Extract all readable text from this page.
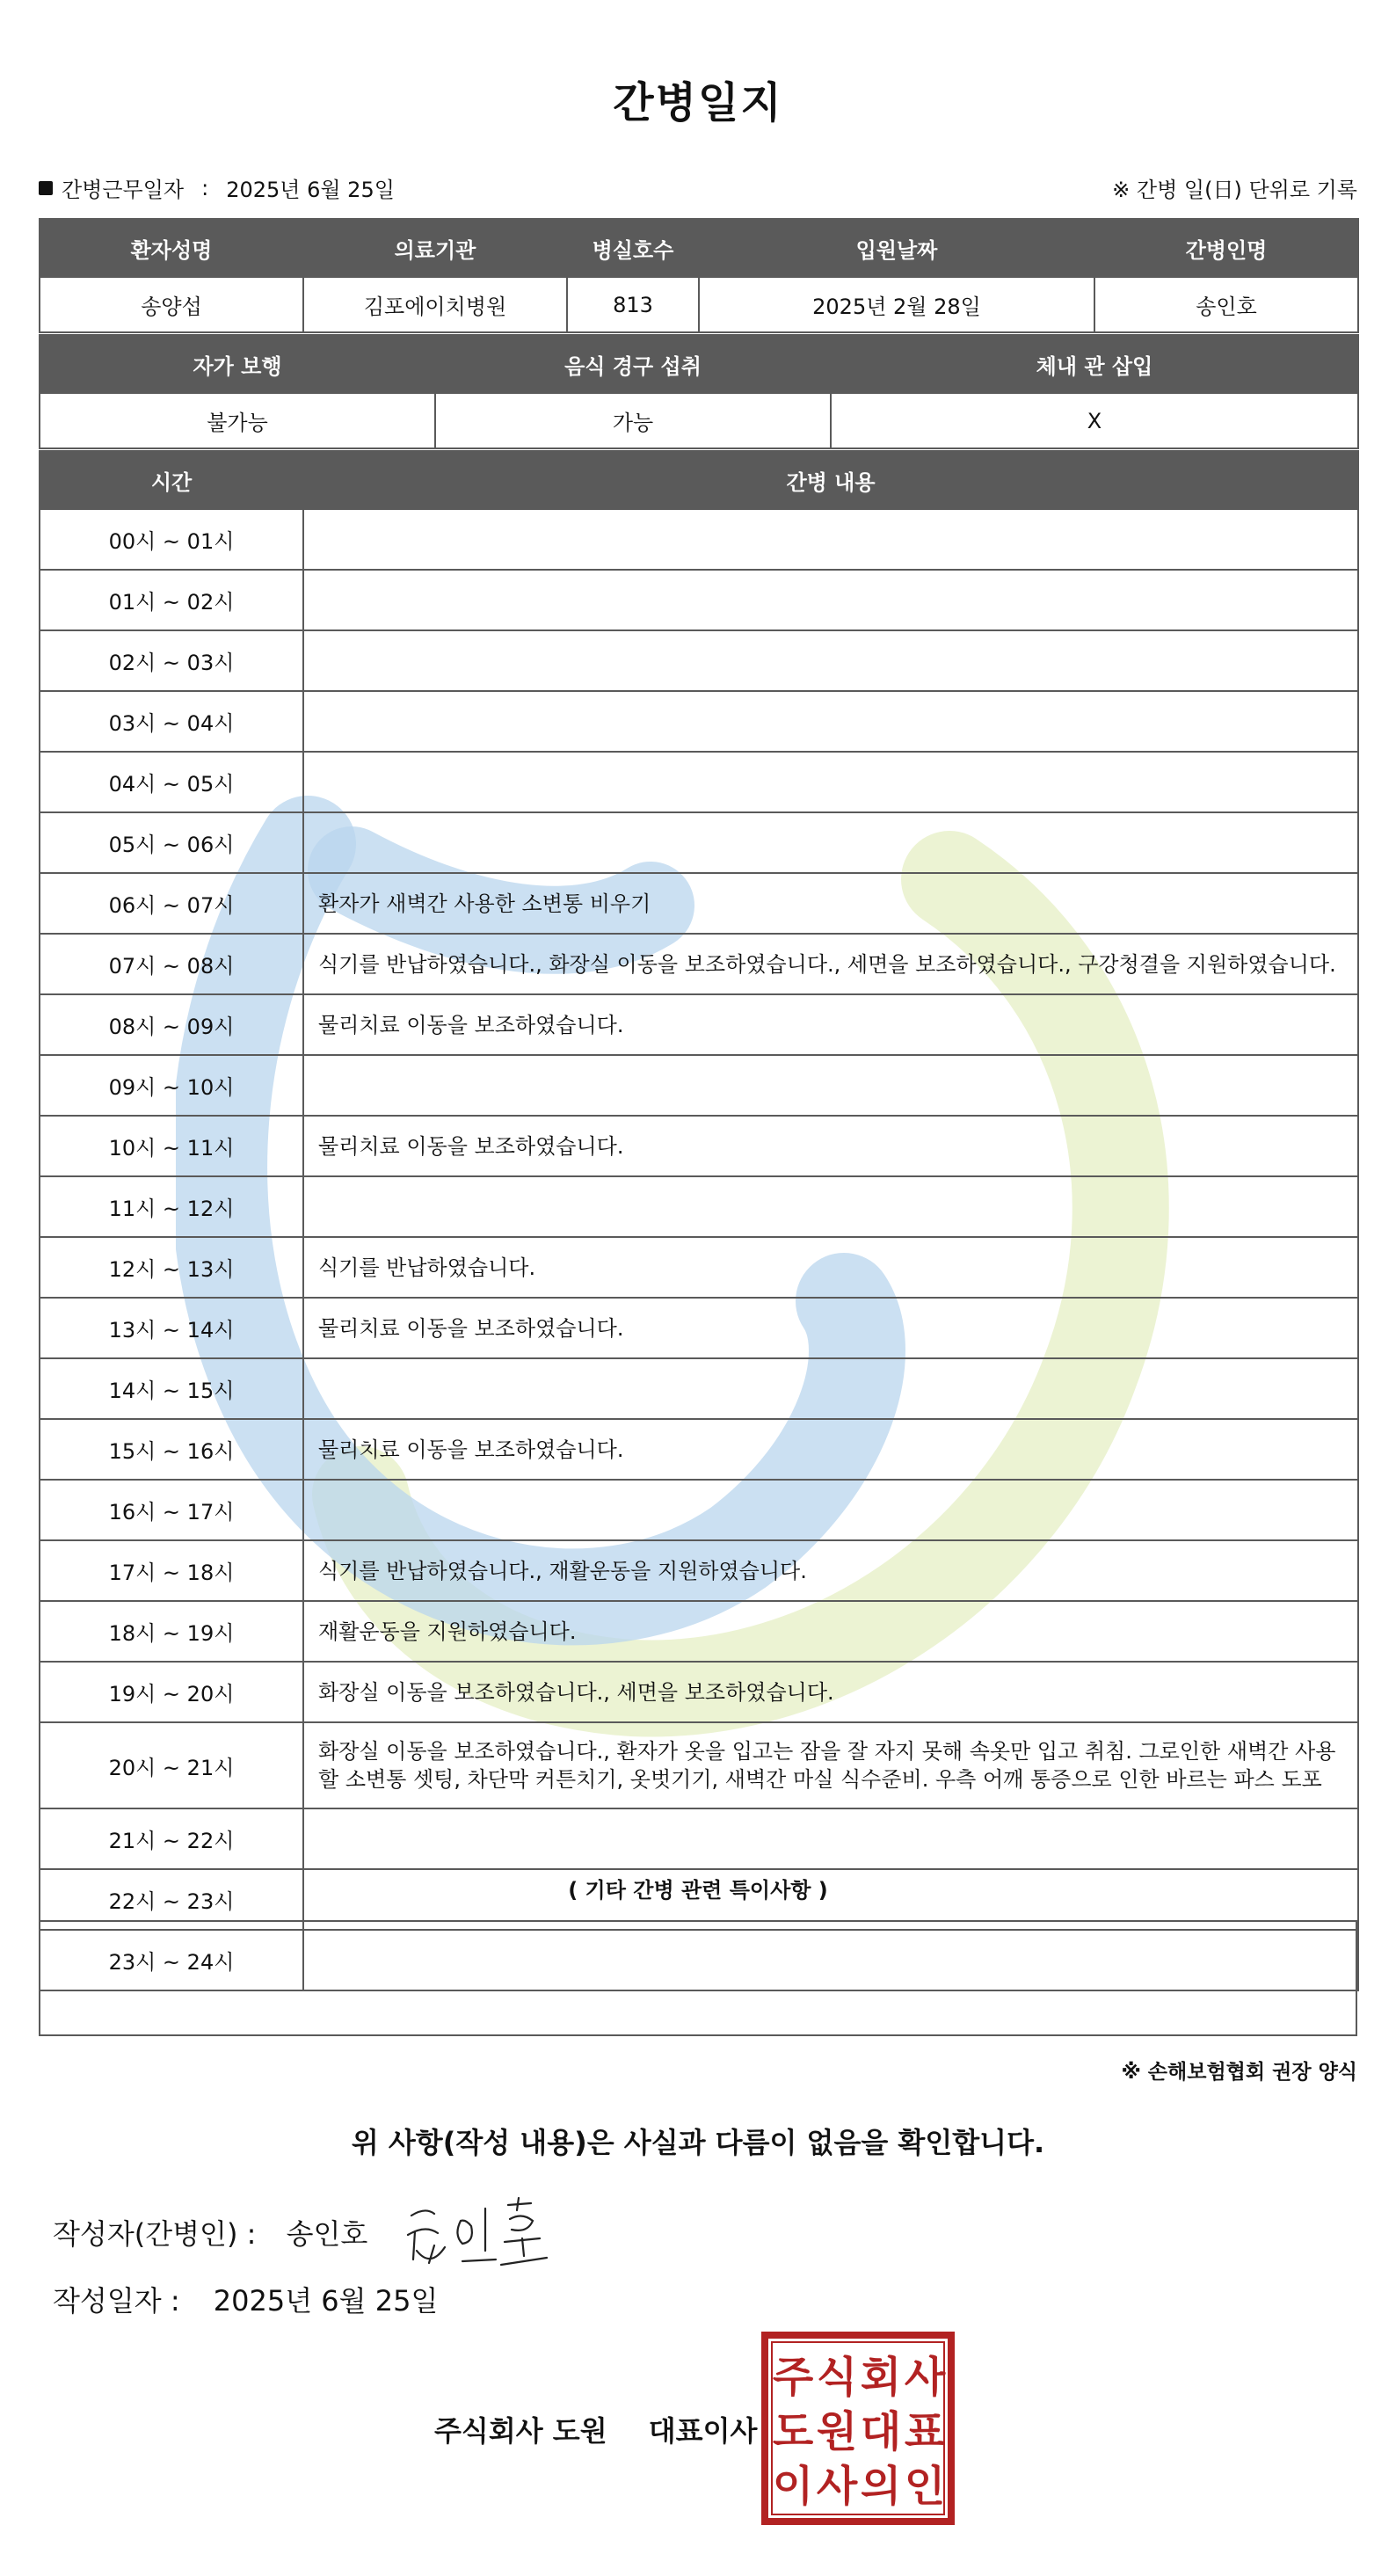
간병일지
간병근무일자 : 2025년 6월 25일	※ 간병 일(日) 단위로 기록
환자성명	의료기관	병실호수	입원날짜	간병인명
송양섭	김포에이치병원	813	2025년 2월 28일	송인호
자가 보행	음식 경구 섭취	체내 관 삽입
불가능	가능	X
시간	간병 내용
00시 ~ 01시	
01시 ~ 02시	
02시 ~ 03시	
03시 ~ 04시	
04시 ~ 05시	
05시 ~ 06시	
06시 ~ 07시	환자가 새벽간 사용한 소변통 비우기
07시 ~ 08시	식기를 반납하였습니다., 화장실 이동을 보조하였습니다., 세면을 보조하였습니다., 구강청결을 지원하였습니다.
08시 ~ 09시	물리치료 이동을 보조하였습니다.
09시 ~ 10시	
10시 ~ 11시	물리치료 이동을 보조하였습니다.
11시 ~ 12시	
12시 ~ 13시	식기를 반납하였습니다.
13시 ~ 14시	물리치료 이동을 보조하였습니다.
14시 ~ 15시	
15시 ~ 16시	물리치료 이동을 보조하였습니다.
16시 ~ 17시	
17시 ~ 18시	식기를 반납하였습니다., 재활운동을 지원하였습니다.
18시 ~ 19시	재활운동을 지원하였습니다.
19시 ~ 20시	화장실 이동을 보조하였습니다., 세면을 보조하였습니다.
20시 ~ 21시	화장실 이동을 보조하였습니다., 환자가 옷을 입고는 잠을 잘 자지 못해 속옷만 입고 취침. 그로인한 새벽간 사용할 소변통 셋팅, 차단막 커튼치기, 옷벗기기, 새벽간 마실 식수준비. 우측 어깨 통증으로 인한 바르는 파스 도포
21시 ~ 22시	
22시 ~ 23시	
23시 ~ 24시	
( 기타 간병 관련 특이사항 )
※ 손해보험협회 권장 양식
위 사항(작성 내용)은 사실과 다름이 없음을 확인합니다.
작성자(간병인) : 송인호
작성일자 : 2025년 6월 25일
주식회사 도원 대표이사
주 식 회 사
도 원 대 표
이 사 의 인
